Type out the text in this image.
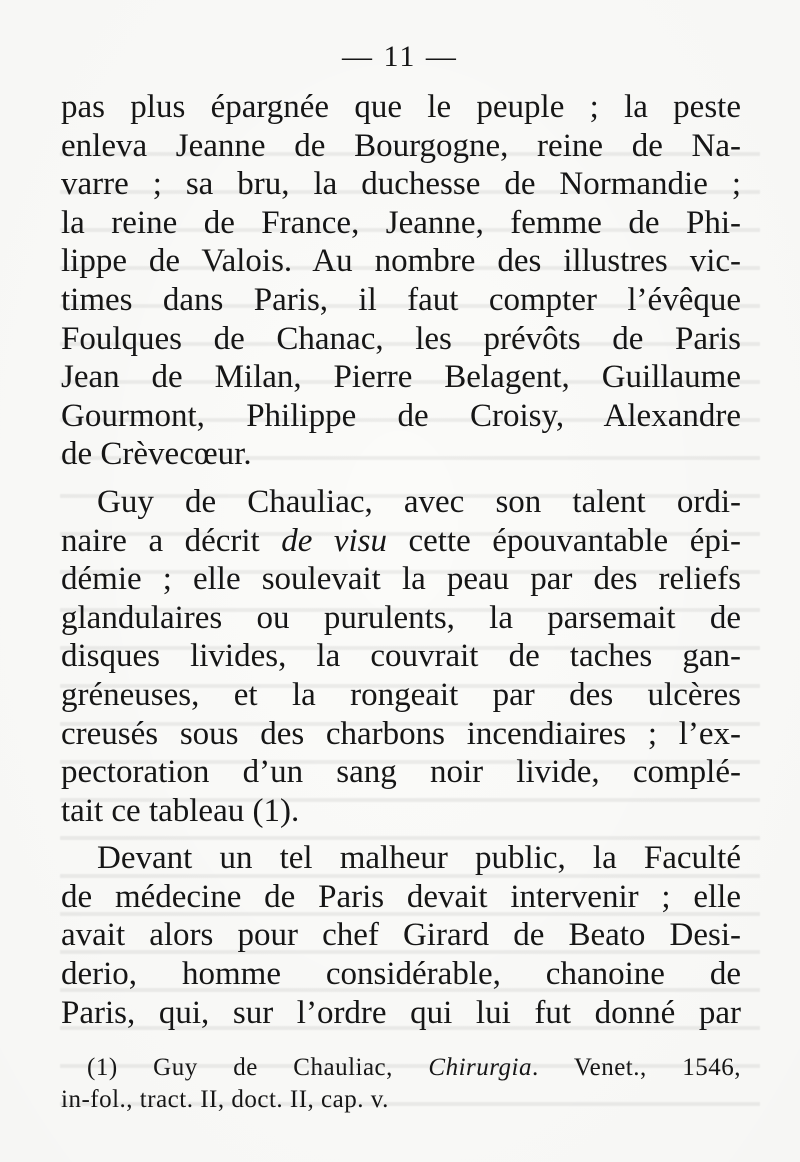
— 11 —
pas plus épargnée que le peuple ; la peste
enleva Jeanne de Bourgogne, reine de Na-
varre ; sa bru, la duchesse de Normandie ;
la reine de France, Jeanne, femme de Phi-
lippe de Valois. Au nombre des illustres vic-
times dans Paris, il faut compter l’évêque
Foulques de Chanac, les prévôts de Paris
Jean de Milan, Pierre Belagent, Guillaume
Gourmont, Philippe de Croisy, Alexandre
de Crèvecœur.
Guy de Chauliac, avec son talent ordi-
naire a décrit de visu cette épouvantable épi-
démie ; elle soulevait la peau par des reliefs
glandulaires ou purulents, la parsemait de
disques livides, la couvrait de taches gan-
gréneuses, et la rongeait par des ulcères
creusés sous des charbons incendiaires ; l’ex-
pectoration d’un sang noir livide, complé-
tait ce tableau (1).
Devant un tel malheur public, la Faculté
de médecine de Paris devait intervenir ; elle
avait alors pour chef Girard de Beato Desi-
derio, homme considérable, chanoine de
Paris, qui, sur l’ordre qui lui fut donné par
(1) Guy de Chauliac, Chirurgia. Venet., 1546,
in-fol., tract. II, doct. II, cap. v.
